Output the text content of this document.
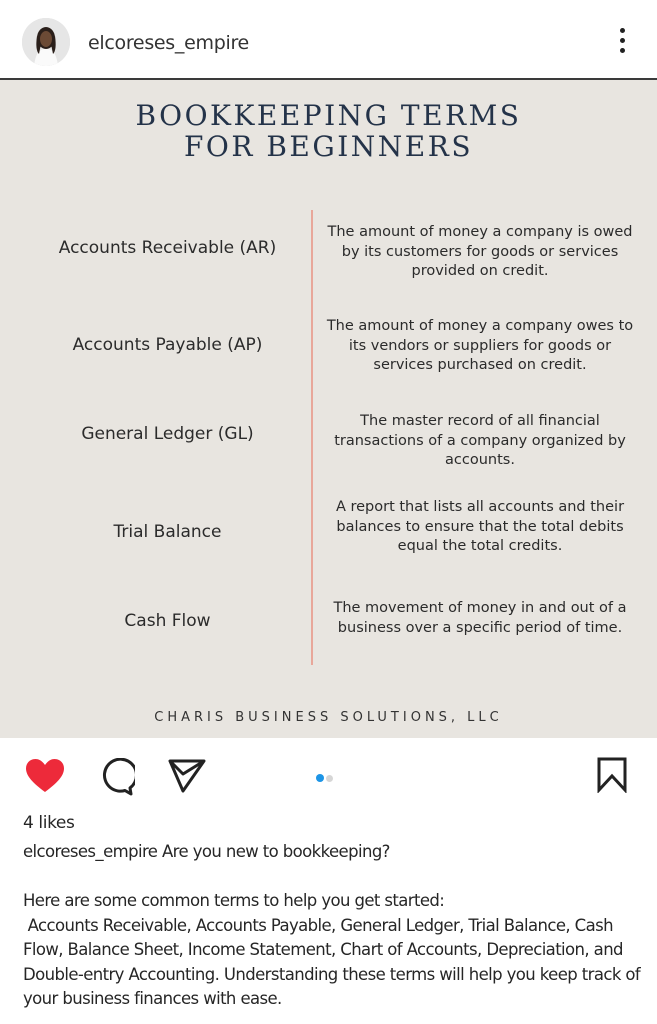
elcoreses_empire
BOOKKEEPING TERMS
FOR BEGINNERS
Accounts Receivable (AR)
The amount of money a company is owed by its customers for goods or services provided on credit.
Accounts Payable (AP)
The amount of money a company owes to its vendors or suppliers for goods or services purchased on credit.
General Ledger (GL)
The master record of all financial transactions of a company organized by accounts.
Trial Balance
A report that lists all accounts and their balances to ensure that the total debits equal the total credits.
Cash Flow
The movement of money in and out of a business over a specific period of time.
CHARIS BUSINESS SOLUTIONS, LLC
4 likes
elcoreses_empire Are you new to bookkeeping?

Here are some common terms to help you get started:
Accounts Receivable, Accounts Payable, General Ledger, Trial Balance, Cash Flow, Balance Sheet, Income Statement, Chart of Accounts, Depreciation, and Double-entry Accounting. Understanding these terms will help you keep track of your business finances with ease.
